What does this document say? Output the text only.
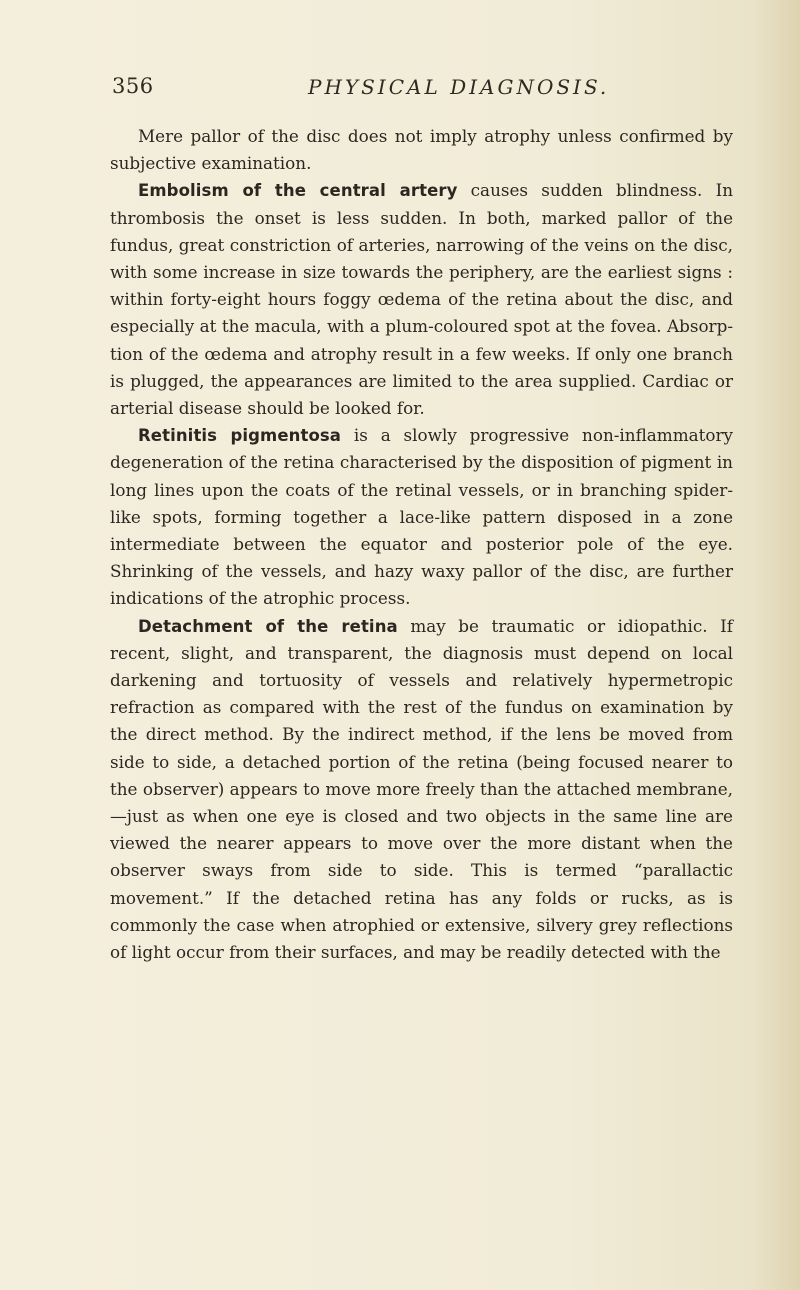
356	PHYSICAL DIAGNOSIS.

Mere pallor of the disc does not imply atrophy unless confirmed by subjective examination.

Embolism of the central artery causes sudden blindness. In thrombosis the onset is less sudden. In both, marked pallor of the fundus, great constriction of arteries, narrowing of the veins on the disc, with some increase in size towards the periphery, are the earliest signs : within forty-eight hours foggy œdema of the retina about the disc, and especially at the macula, with a plum-coloured spot at the fovea. Absorption of the œdema and atrophy result in a few weeks. If only one branch is plugged, the appearances are limited to the area supplied. Cardiac or arterial disease should be looked for.

Retinitis pigmentosa is a slowly progressive non-inflammatory degeneration of the retina characterised by the disposition of pigment in long lines upon the coats of the retinal vessels, or in branching spider-like spots, forming together a lace-like pattern disposed in a zone intermediate between the equator and posterior pole of the eye. Shrinking of the vessels, and hazy waxy pallor of the disc, are further indications of the atrophic process.

Detachment of the retina may be traumatic or idiopathic. If recent, slight, and transparent, the diagnosis must depend on local darkening and tortuosity of vessels and relatively hypermetropic refraction as compared with the rest of the fundus on examination by the direct method. By the indirect method, if the lens be moved from side to side, a detached portion of the retina (being focused nearer to the observer) appears to move more freely than the attached membrane,—just as when one eye is closed and two objects in the same line are viewed the nearer appears to move over the more distant when the observer sways from side to side. This is termed “parallactic movement.” If the detached retina has any folds or rucks, as is commonly the case when atrophied or extensive, silvery grey reflections of light occur from their surfaces, and may be readily detected with the
